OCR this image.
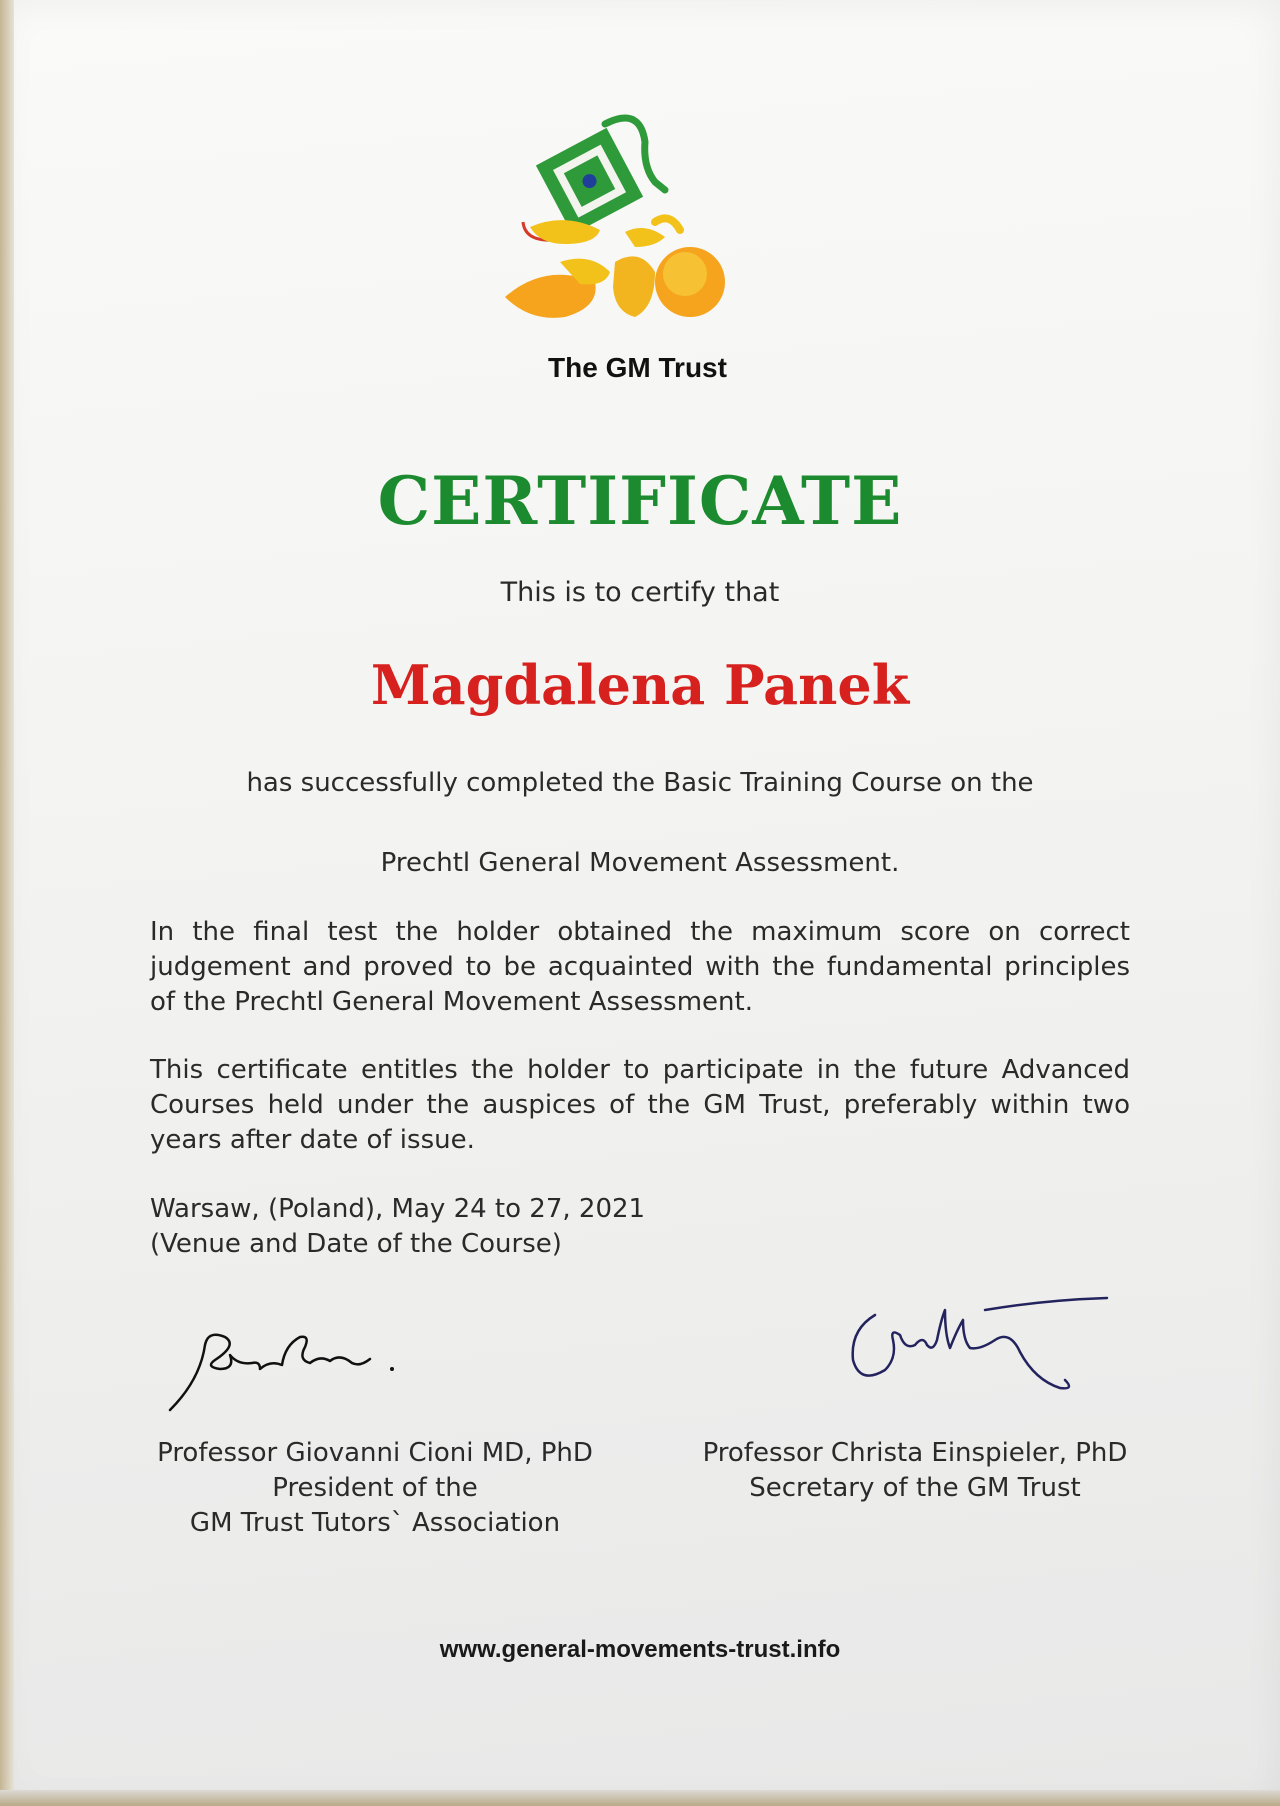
The GM Trust
CERTIFICATE
This is to certify that
Magdalena Panek
has successfully completed the Basic Training Course on the
Prechtl General Movement Assessment.
In the final test the holder obtained the maximum score on correct judgement and proved to be acquainted with the fundamental principles of the Prechtl General Movement Assessment.
This certificate entitles the holder to participate in the future Advanced Courses held under the auspices of the GM Trust, preferably within two years after date of issue.
Warsaw, (Poland), May 24 to 27, 2021
(Venue and Date of the Course)
Professor Giovanni Cioni MD, PhD
President of the
GM Trust Tutors` Association
Professor Christa Einspieler, PhD
Secretary of the GM Trust
www.general-movements-trust.info
